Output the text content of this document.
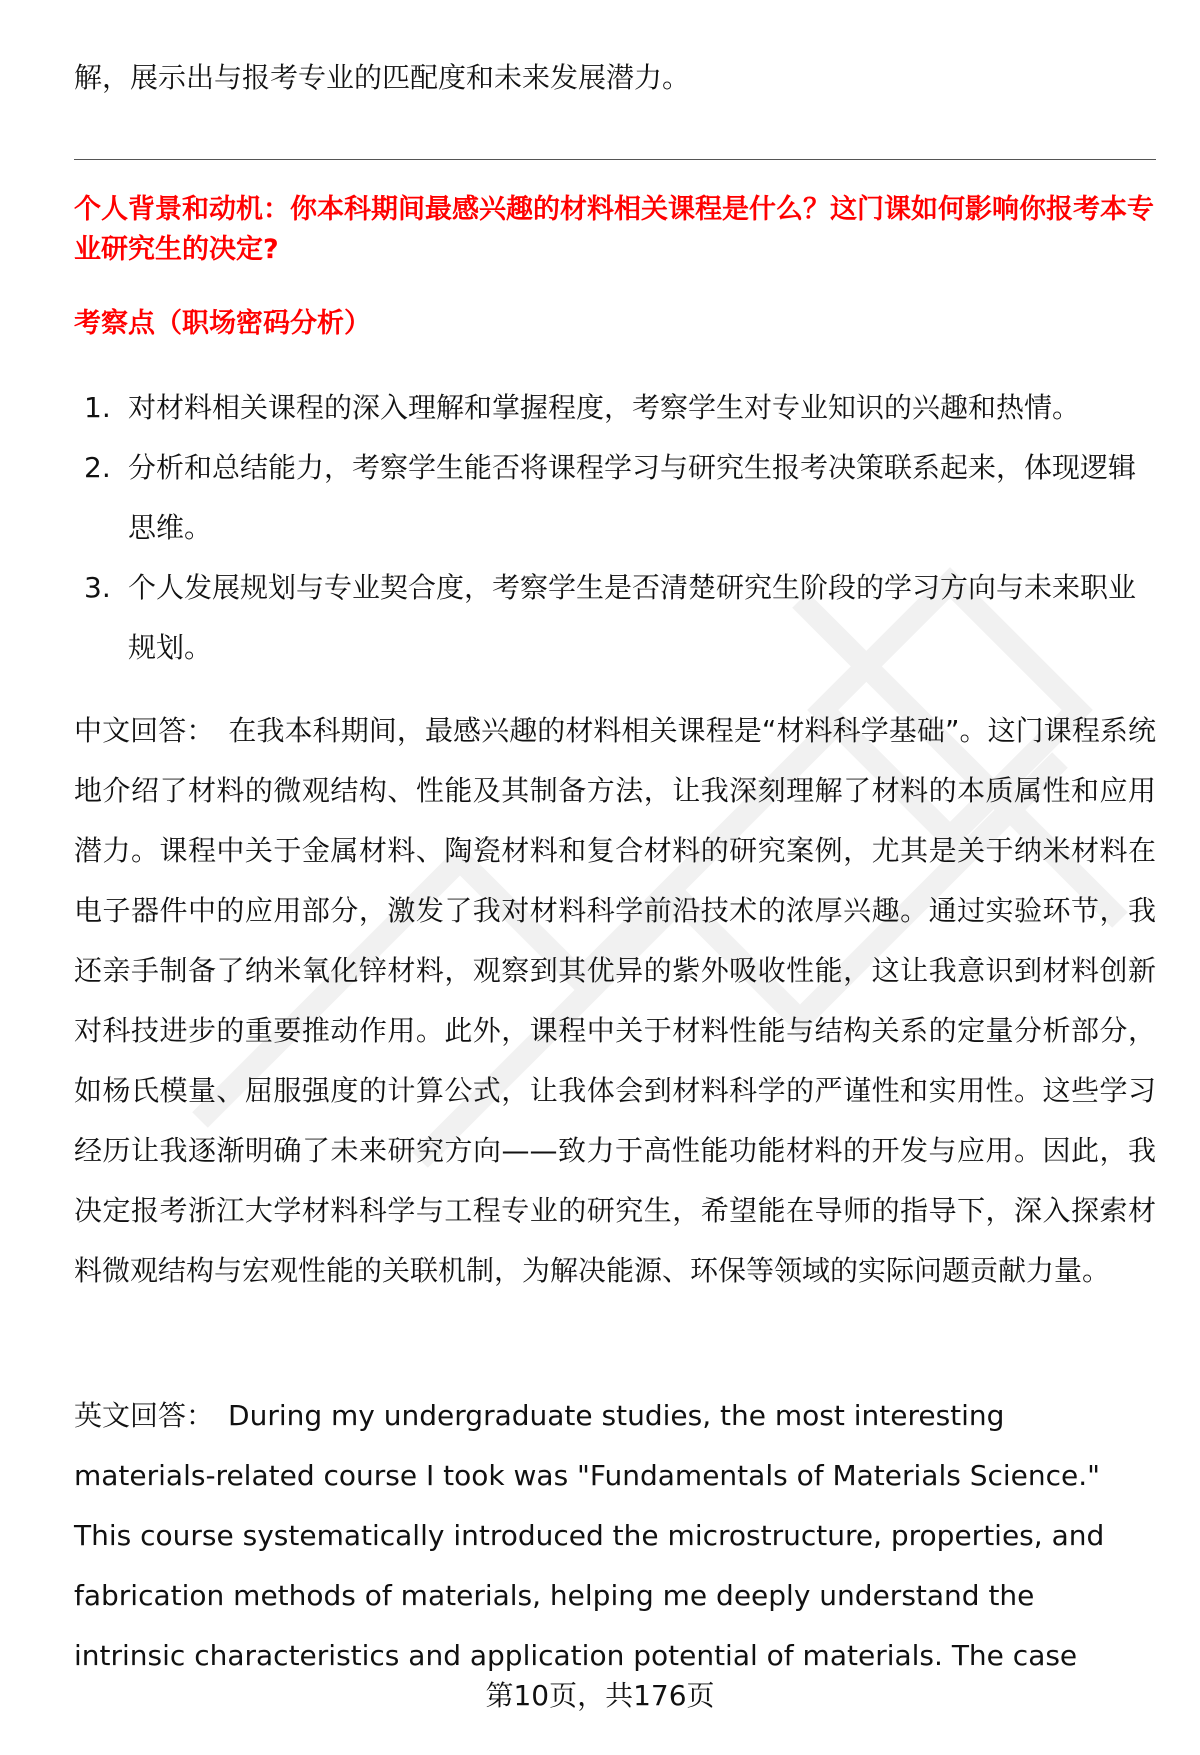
解，展示出与报考专业的匹配度和未来发展潜力。
个人背景和动机：你本科期间最感兴趣的材料相关课程是什么？这门课如何影响你报考本专业研究生的决定?
考察点（职场密码分析）
1. 对材料相关课程的深入理解和掌握程度，考察学生对专业知识的兴趣和热情。
2. 分析和总结能力，考察学生能否将课程学习与研究生报考决策联系起来，体现逻辑思维。
3. 个人发展规划与专业契合度，考察学生是否清楚研究生阶段的学习方向与未来职业规划。
中文回答： 在我本科期间，最感兴趣的材料相关课程是“材料科学基础”。这门课程系统地介绍了材料的微观结构、性能及其制备方法，让我深刻理解了材料的本质属性和应用潜力。课程中关于金属材料、陶瓷材料和复合材料的研究案例，尤其是关于纳米材料在电子器件中的应用部分，激发了我对材料科学前沿技术的浓厚兴趣。通过实验环节，我还亲手制备了纳米氧化锌材料，观察到其优异的紫外吸收性能，这让我意识到材料创新对科技进步的重要推动作用。此外，课程中关于材料性能与结构关系的定量分析部分，如杨氏模量、屈服强度的计算公式，让我体会到材料科学的严谨性和实用性。这些学习经历让我逐渐明确了未来研究方向——致力于高性能功能材料的开发与应用。因此，我决定报考浙江大学材料科学与工程专业的研究生，希望能在导师的指导下，深入探索材料微观结构与宏观性能的关联机制，为解决能源、环保等领域的实际问题贡献力量。
英文回答： During my undergraduate studies, the most interesting
materials-related course I took was "Fundamentals of Materials Science."
This course systematically introduced the microstructure, properties, and
fabrication methods of materials, helping me deeply understand the
intrinsic characteristics and application potential of materials. The case
第10页，共176页
